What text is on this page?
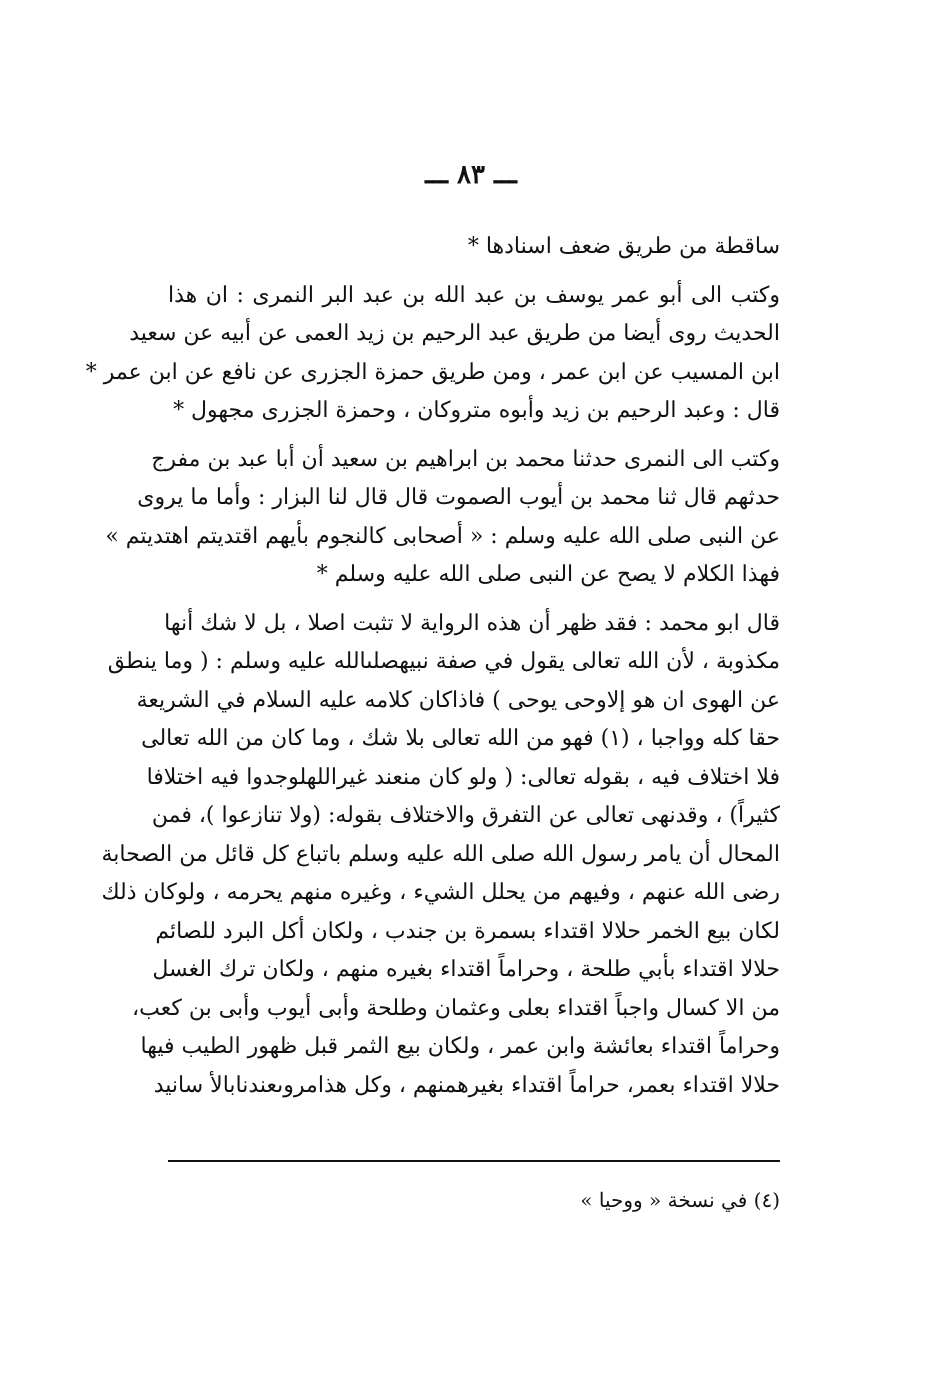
ـــ ٨٣ ـــ
ساقطة من طريق ضعف اسنادها *
وكتب الى أبو عمر يوسف بن عبد الله بن عبد البر النمرى : ان هذا
الحديث روى أيضا من طريق عبد الرحيم بن زيد العمى عن أبيه عن سعيد
ابن المسيب عن ابن عمر ، ومن طريق حمزة الجزرى عن نافع عن ابن عمر *
قال : وعبد الرحيم بن زيد وأبوه متروكان ، وحمزة الجزرى مجهول *
وكتب الى النمرى حدثنا محمد بن ابراهيم بن سعيد أن أبا عبد بن مفرج
حدثهم قال ثنا محمد بن أيوب الصموت قال قال لنا البزار : وأما ما يروى
عن النبى صلى الله عليه وسلم : « أصحابى كالنجوم بأيهم اقتديتم اهتديتم »
فهذا الكلام لا يصح عن النبى صلى الله عليه وسلم *
قال ابو محمد : فقد ظهر أن هذه الرواية لا تثبت اصلا ، بل لا شك أنها
مكذوبة ، لأن الله تعالى يقول في صفة نبيهصلىالله عليه وسلم : ( وما ينطق
عن الهوى ان هو إلاوحى يوحى ) فاذاكان كلامه عليه السلام في الشريعة
حقا كله وواجبا ، (١) فهو من الله تعالى بلا شك ، وما كان من الله تعالى
فلا اختلاف فيه ، بقوله تعالى: ( ولو كان منعند غيراللهلوجدوا فيه اختلافا
كثيراً) ، وقدنهى تعالى عن التفرق والاختلاف بقوله: (ولا تنازعوا )، فمن
المحال أن يامر رسول الله صلى الله عليه وسلم باتباع كل قائل من الصحابة
رضى الله عنهم ، وفيهم من يحلل الشيء ، وغيره منهم يحرمه ، ولوكان ذلك
لكان بيع الخمر حلالا اقتداء بسمرة بن جندب ، ولكان أكل البرد للصائم
حلالا اقتداء بأبي طلحة ، وحراماً اقتداء بغيره منهم ، ولكان ترك الغسل
من الا كسال واجباً اقتداء بعلى وعثمان وطلحة وأبى أيوب وأبى بن كعب،
وحراماً اقتداء بعائشة وابن عمر ، ولكان بيع الثمر قبل ظهور الطيب فيها
حلالا اقتداء بعمر، حراماً اقتداء بغيرهمنهم ، وكل هذامروىعندنابالأ سانيد
(٤) في نسخة « ووحيا »
